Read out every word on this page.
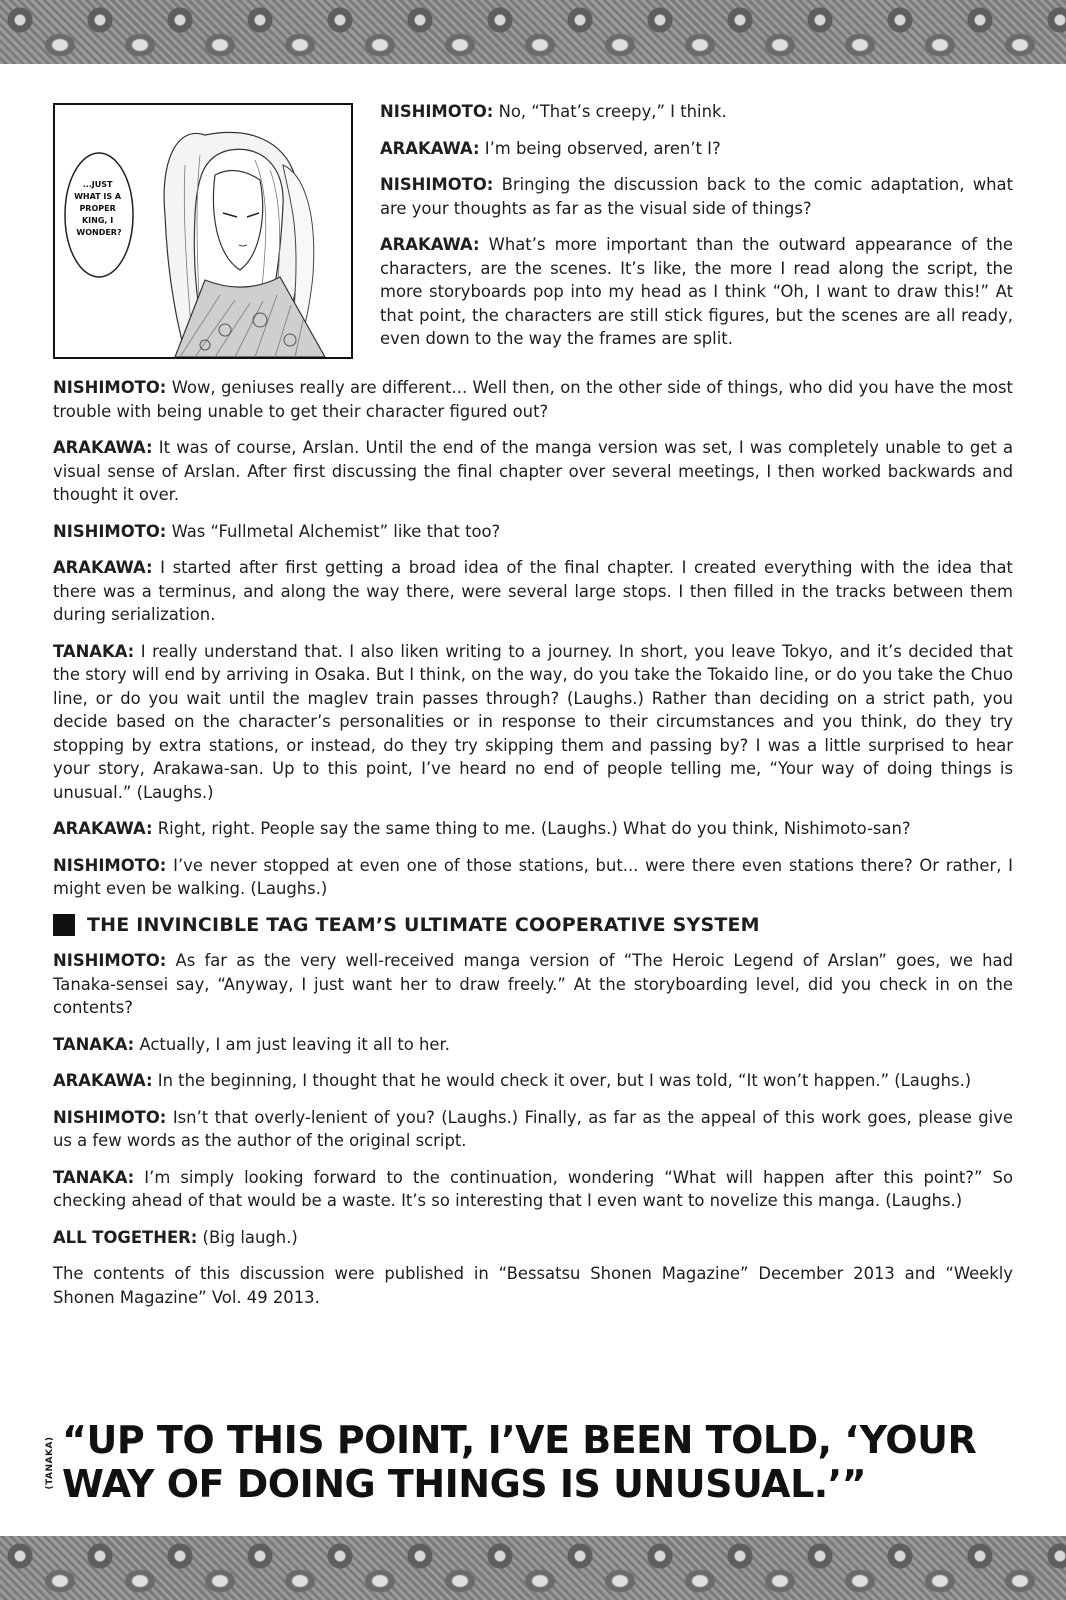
...JUST WHAT IS A PROPER KING, I WONDER?

NISHIMOTO: No, “That’s creepy,” I think.

ARAKAWA: I’m being observed, aren’t I?

NISHIMOTO: Bringing the discussion back to the comic adaptation, what are your thoughts as far as the visual side of things?

ARAKAWA: What’s more important than the outward appearance of the characters, are the scenes. It’s like, the more I read along the script, the more storyboards pop into my head as I think “Oh, I want to draw this!” At that point, the characters are still stick figures, but the scenes are all ready, even down to the way the frames are split.

NISHIMOTO: Wow, geniuses really are different... Well then, on the other side of things, who did you have the most trouble with being unable to get their character figured out?

ARAKAWA: It was of course, Arslan. Until the end of the manga version was set, I was completely unable to get a visual sense of Arslan. After first discussing the final chapter over several meetings, I then worked backwards and thought it over.

NISHIMOTO: Was “Fullmetal Alchemist” like that too?

ARAKAWA: I started after first getting a broad idea of the final chapter. I created everything with the idea that there was a terminus, and along the way there, were several large stops. I then filled in the tracks between them during serialization.

TANAKA: I really understand that. I also liken writing to a journey. In short, you leave Tokyo, and it’s decided that the story will end by arriving in Osaka. But I think, on the way, do you take the Tokaido line, or do you take the Chuo line, or do you wait until the maglev train passes through? (Laughs.) Rather than deciding on a strict path, you decide based on the character’s personalities or in response to their circumstances and you think, do they try stopping by extra stations, or instead, do they try skipping them and passing by? I was a little surprised to hear your story, Arakawa-san. Up to this point, I’ve heard no end of people telling me, “Your way of doing things is unusual.” (Laughs.)

ARAKAWA: Right, right. People say the same thing to me. (Laughs.) What do you think, Nishimoto-san?

NISHIMOTO: I’ve never stopped at even one of those stations, but... were there even stations there? Or rather, I might even be walking. (Laughs.)

THE INVINCIBLE TAG TEAM’S ULTIMATE COOPERATIVE SYSTEM

NISHIMOTO: As far as the very well-received manga version of “The Heroic Legend of Arslan” goes, we had Tanaka-sensei say, “Anyway, I just want her to draw freely.” At the storyboarding level, did you check in on the contents?

TANAKA: Actually, I am just leaving it all to her.

ARAKAWA: In the beginning, I thought that he would check it over, but I was told, “It won’t happen.” (Laughs.)

NISHIMOTO: Isn’t that overly-lenient of you? (Laughs.) Finally, as far as the appeal of this work goes, please give us a few words as the author of the original script.

TANAKA: I’m simply looking forward to the continuation, wondering “What will happen after this point?” So checking ahead of that would be a waste. It’s so interesting that I even want to novelize this manga. (Laughs.)

ALL TOGETHER: (Big laugh.)

The contents of this discussion were published in “Bessatsu Shonen Magazine” December 2013 and “Weekly Shonen Magazine” Vol. 49 2013.

(TANAKA) “UP TO THIS POINT, I’VE BEEN TOLD, ‘YOUR
WAY OF DOING THINGS IS UNUSUAL.’”
